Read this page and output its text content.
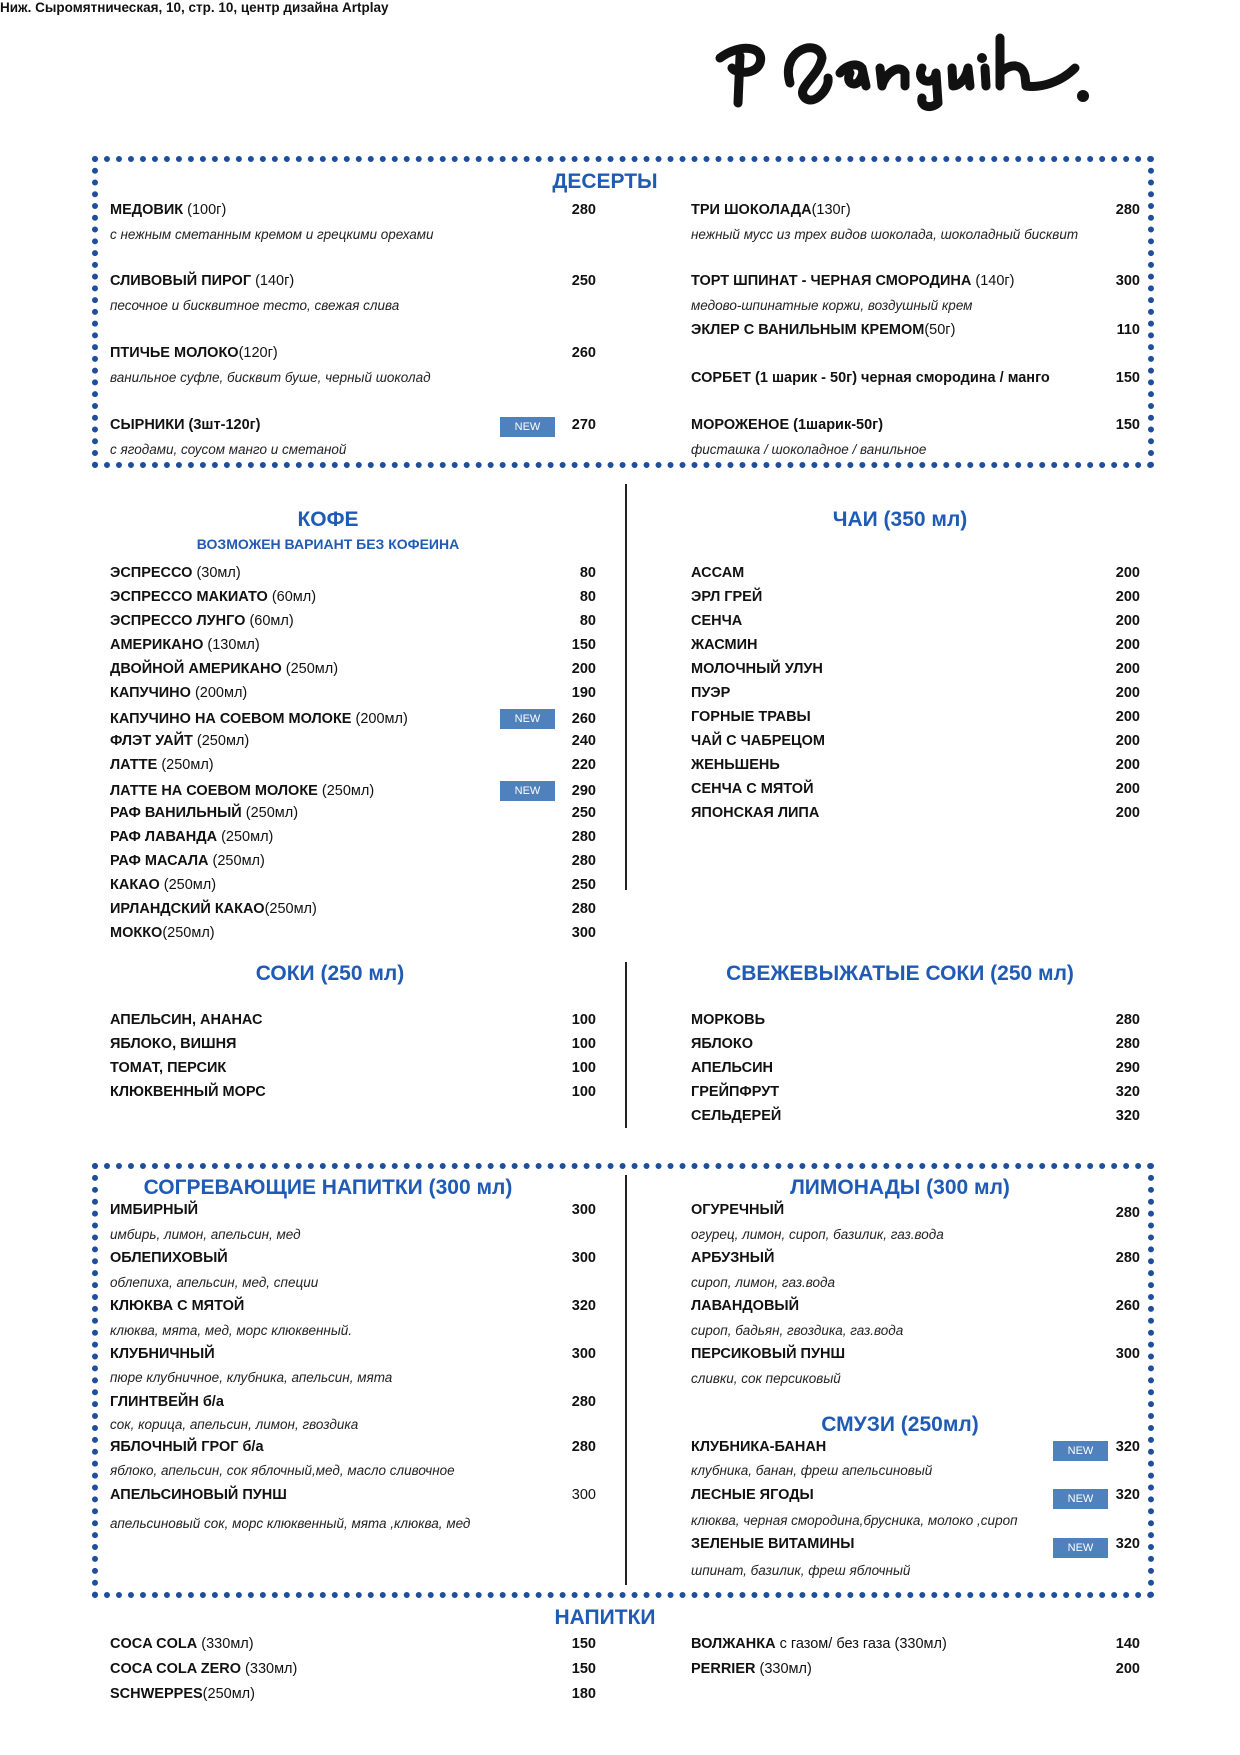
Ниж. Сыромятническая, 10, стр. 10, центр дизайна Artplay
ДЕСЕРТЫ
КОФЕ
ВОЗМОЖЕН ВАРИАНТ БЕЗ КОФЕИНА
ЧАИ (350 мл)
СОКИ (250 мл)	СВЕЖЕВЫЖАТЫЕ СОКИ (250 мл)
СОГРЕВАЮЩИЕ НАПИТКИ (300 мл)	ЛИМОНАДЫ (300 мл)
СМУЗИ (250мл)
НАПИТКИ
МЕДОВИК (100г)
с нежным сметанным кремом и грецкими орехами
280
СЛИВОВЫЙ ПИРОГ (140г)
песочное и бисквитное тесто, свежая слива
250
ПТИЧЬЕ МОЛОКО(120г)
ванильное суфле, бисквит буше, черный шоколад
260
СЫРНИКИ (3шт-120г)
с ягодами, соусом манго и сметаной
270
NEW
ТРИ ШОКОЛАДА(130г)
нежный мусс из трех видов шоколада, шоколадный бисквит
280
ТОРТ ШПИНАТ - ЧЕРНАЯ СМОРОДИНА (140г)
медово-шпинатные коржи, воздушный крем
300
ЭКЛЕР С ВАНИЛЬНЫМ КРЕМОМ(50г)	110
СОРБЕТ (1 шарик - 50г) черная смородина / манго	150
МОРОЖЕНОЕ (1шарик-50г)
фисташка / шоколадное / ванильное
150
ЭСПРЕССО (30мл)	80
ЭСПРЕССО МАКИАТО (60мл)	80
ЭСПРЕССО ЛУНГО (60мл)	80
АМЕРИКАНО (130мл)	150
ДВОЙНОЙ АМЕРИКАНО (250мл)	200
КАПУЧИНО (200мл)	190
КАПУЧИНО НА СОЕВОМ МОЛОКЕ (200мл)	260
ФЛЭТ УАЙТ (250мл)	240
ЛАТТЕ (250мл)	220
ЛАТТЕ НА СОЕВОМ МОЛОКЕ (250мл)	290
РАФ ВАНИЛЬНЫЙ (250мл)	250
РАФ ЛАВАНДА (250мл)	280
РАФ МАСАЛА (250мл)	280
КАКАО (250мл)	250
ИРЛАНДСКИЙ КАКАО(250мл)	280
МОККО(250мл)	300
NEW
NEW
АССАМ	200
ЭРЛ ГРЕЙ	200
СЕНЧА	200
ЖАСМИН	200
МОЛОЧНЫЙ УЛУН	200
ПУЭР	200
ГОРНЫЕ ТРАВЫ	200
ЧАЙ С ЧАБРЕЦОМ	200
ЖЕНЬШЕНЬ	200
СЕНЧА С МЯТОЙ	200
ЯПОНСКАЯ ЛИПА	200
АПЕЛЬСИН, АНАНАС	100
ЯБЛОКО, ВИШНЯ	100
ТОМАТ, ПЕРСИК	100
КЛЮКВЕННЫЙ МОРС	100
МОРКОВЬ	280
ЯБЛОКО	280
АПЕЛЬСИН	290
ГРЕЙПФРУТ	320
СЕЛЬДЕРЕЙ	320
ИМБИРНЫЙ
имбирь, лимон, апельсин, мед
300
ОБЛЕПИХОВЫЙ
облепиха, апельсин, мед, специи
300
КЛЮКВА С МЯТОЙ
клюква, мята, мед, морс клюквенный.
320
КЛУБНИЧНЫЙ
пюре клубничное, клубника, апельсин, мята
300
ГЛИНТВЕЙН б/а
сок, корица, апельсин, лимон, гвоздика
280
ЯБЛОЧНЫЙ ГРОГ б/а
яблоко, апельсин, сок яблочный,мед, масло сливочное
280
АПЕЛЬСИНОВЫЙ ПУНШ
апельсиновый сок, морс клюквенный, мята ,клюква, мед
300
ОГУРЕЧНЫЙ
огурец, лимон, сироп, базилик, газ.вода
280
АРБУЗНЫЙ
сироп, лимон, газ.вода
280
ЛАВАНДОВЫЙ
сироп, бадьян, гвоздика, газ.вода
260
ПЕРСИКОВЫЙ ПУНШ
сливки, сок персиковый
300
КЛУБНИКА-БАНАН
клубника, банан, фреш апельсиновый
320
NEW
ЛЕСНЫЕ ЯГОДЫ
клюква, черная смородина,брусника, молоко ,сироп
320
NEW
ЗЕЛЕНЫЕ ВИТАМИНЫ
шпинат, базилик, фреш яблочный
320
NEW
COCA COLA (330мл)	150
COCA COLA ZERO (330мл)	150
SCHWEPPES(250мл)	180
ВОЛЖАНКА с газом/ без газа (330мл)	140
PERRIER (330мл)	200
